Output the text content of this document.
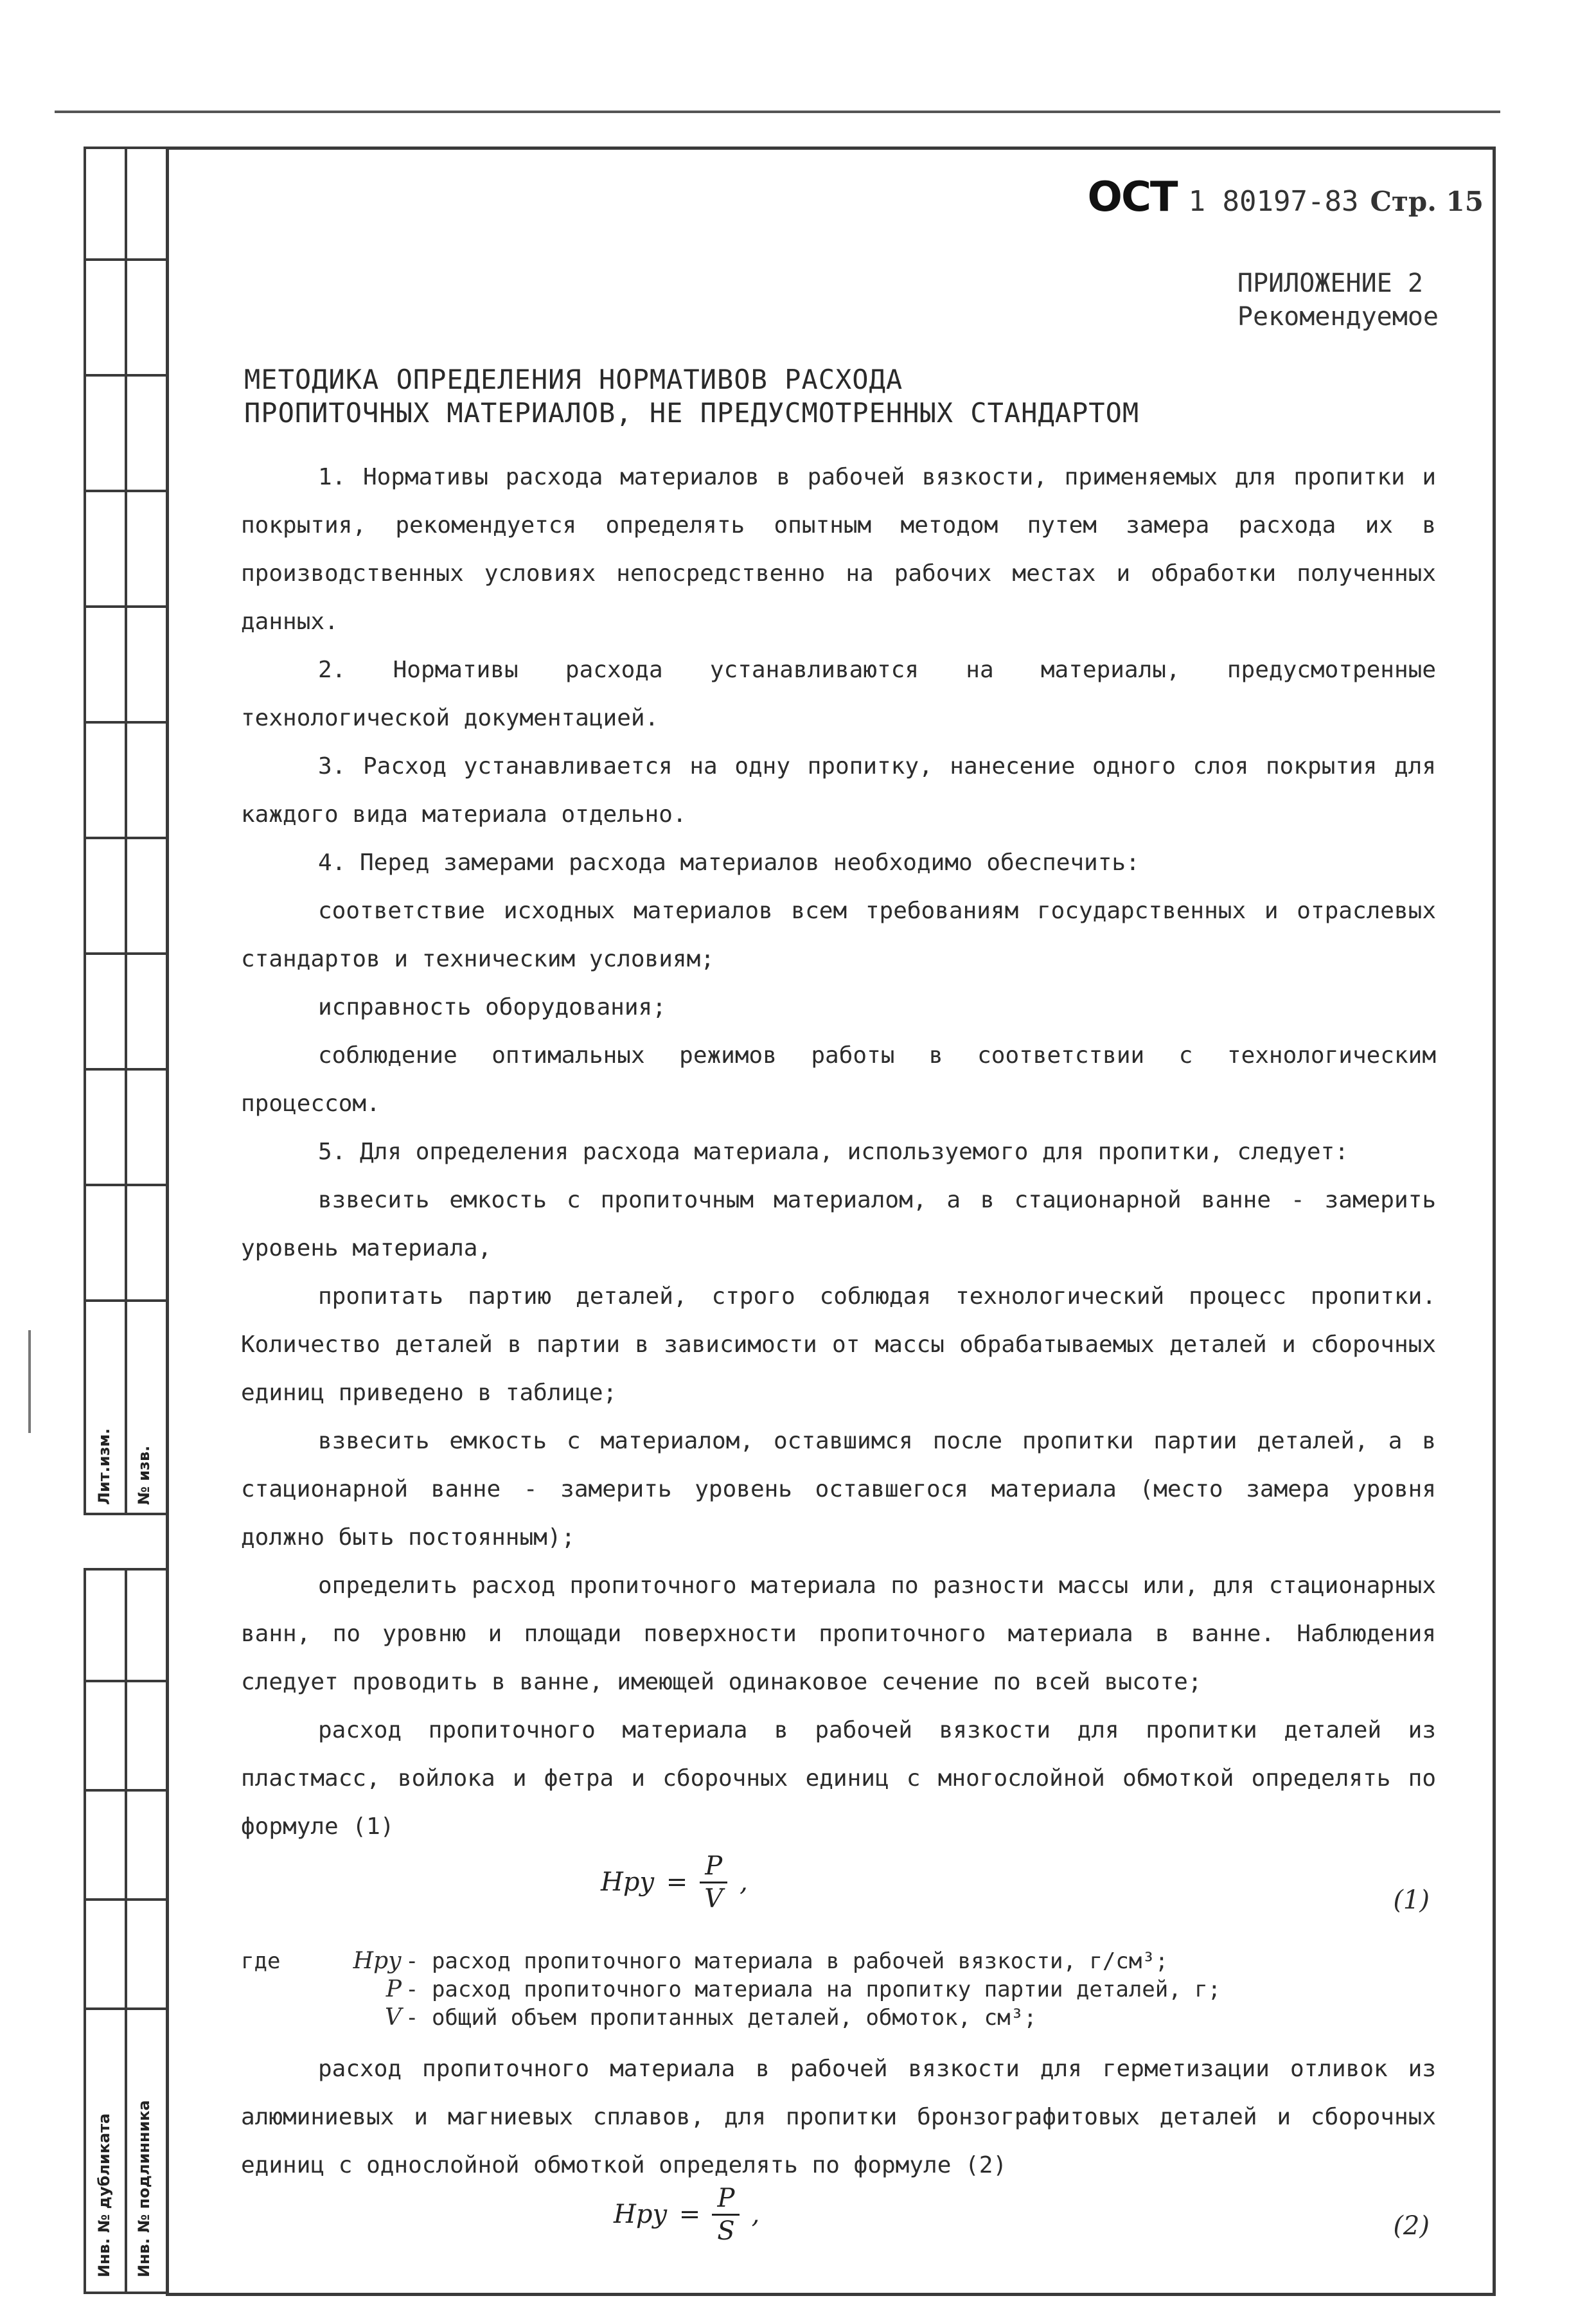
Лит.изм. № изв.
Инв. № дубликата Инв. № подлинника
ОСТ 1 80197-83 Стр. 15
ПРИЛОЖЕНИЕ 2
Рекомендуемое
МЕТОДИКА ОПРЕДЕЛЕНИЯ НОРМАТИВОВ РАСХОДА
ПРОПИТОЧНЫХ МАТЕРИАЛОВ, НЕ ПРЕДУСМОТРЕННЫХ СТАНДАРТОМ

1. Нормативы расхода материалов в рабочей вязкости, применяемых для пропитки и покрытия, рекомендуется определять опытным методом путем замера расхода их в производственных условиях непосредственно на рабочих местах и обработки полученных данных.

2. Нормативы расхода устанавливаются на материалы, предусмотренные технологической документацией.

3. Расход устанавливается на одну пропитку, нанесение одного слоя покрытия для каждого вида материала отдельно.

4. Перед замерами расхода материалов необходимо обеспечить:

соответствие исходных материалов всем требованиям государственных и отраслевых стандартов и техническим условиям;

исправность оборудования;

соблюдение оптимальных режимов работы в соответствии с технологическим процессом.

5. Для определения расхода материала, используемого для пропитки, следует:

взвесить емкость с пропиточным материалом, а в стационарной ванне - замерить уровень материала,

пропитать партию деталей, строго соблюдая технологический процесс пропитки. Количество деталей в партии в зависимости от массы обрабатываемых деталей и сборочных единиц приведено в таблице;

взвесить емкость с материалом, оставшимся после пропитки партии деталей, а в стационарной ванне - замерить уровень оставшегося материала (место замера уровня должно быть постоянным);

определить расход пропиточного материала по разности массы или, для стационарных ванн, по уровню и площади поверхности пропиточного материала в ванне. Наблюдения следует проводить в ванне, имеющей одинаковое сечение по всей высоте;

расход пропиточного материала в рабочей вязкости для пропитки деталей из пластмасс, войлока и фетра и сборочных единиц с многослойной обмоткой определять по формуле (1)

Hру = $\frac{P}{V}$ ,
(1)
где	Hру - расход пропиточного материала в рабочей вязкости, г/см³;
P - расход пропиточного материала на пропитку партии деталей, г;
V - общий объем пропитанных деталей, обмоток, см³;

расход пропиточного материала в рабочей вязкости для герметизации отливок из алюминиевых и магниевых сплавов, для пропитки бронзографитовых деталей и сборочных единиц с однослойной обмоткой определять по формуле (2)

Hру = $\frac{P}{S}$ ,	(2)
